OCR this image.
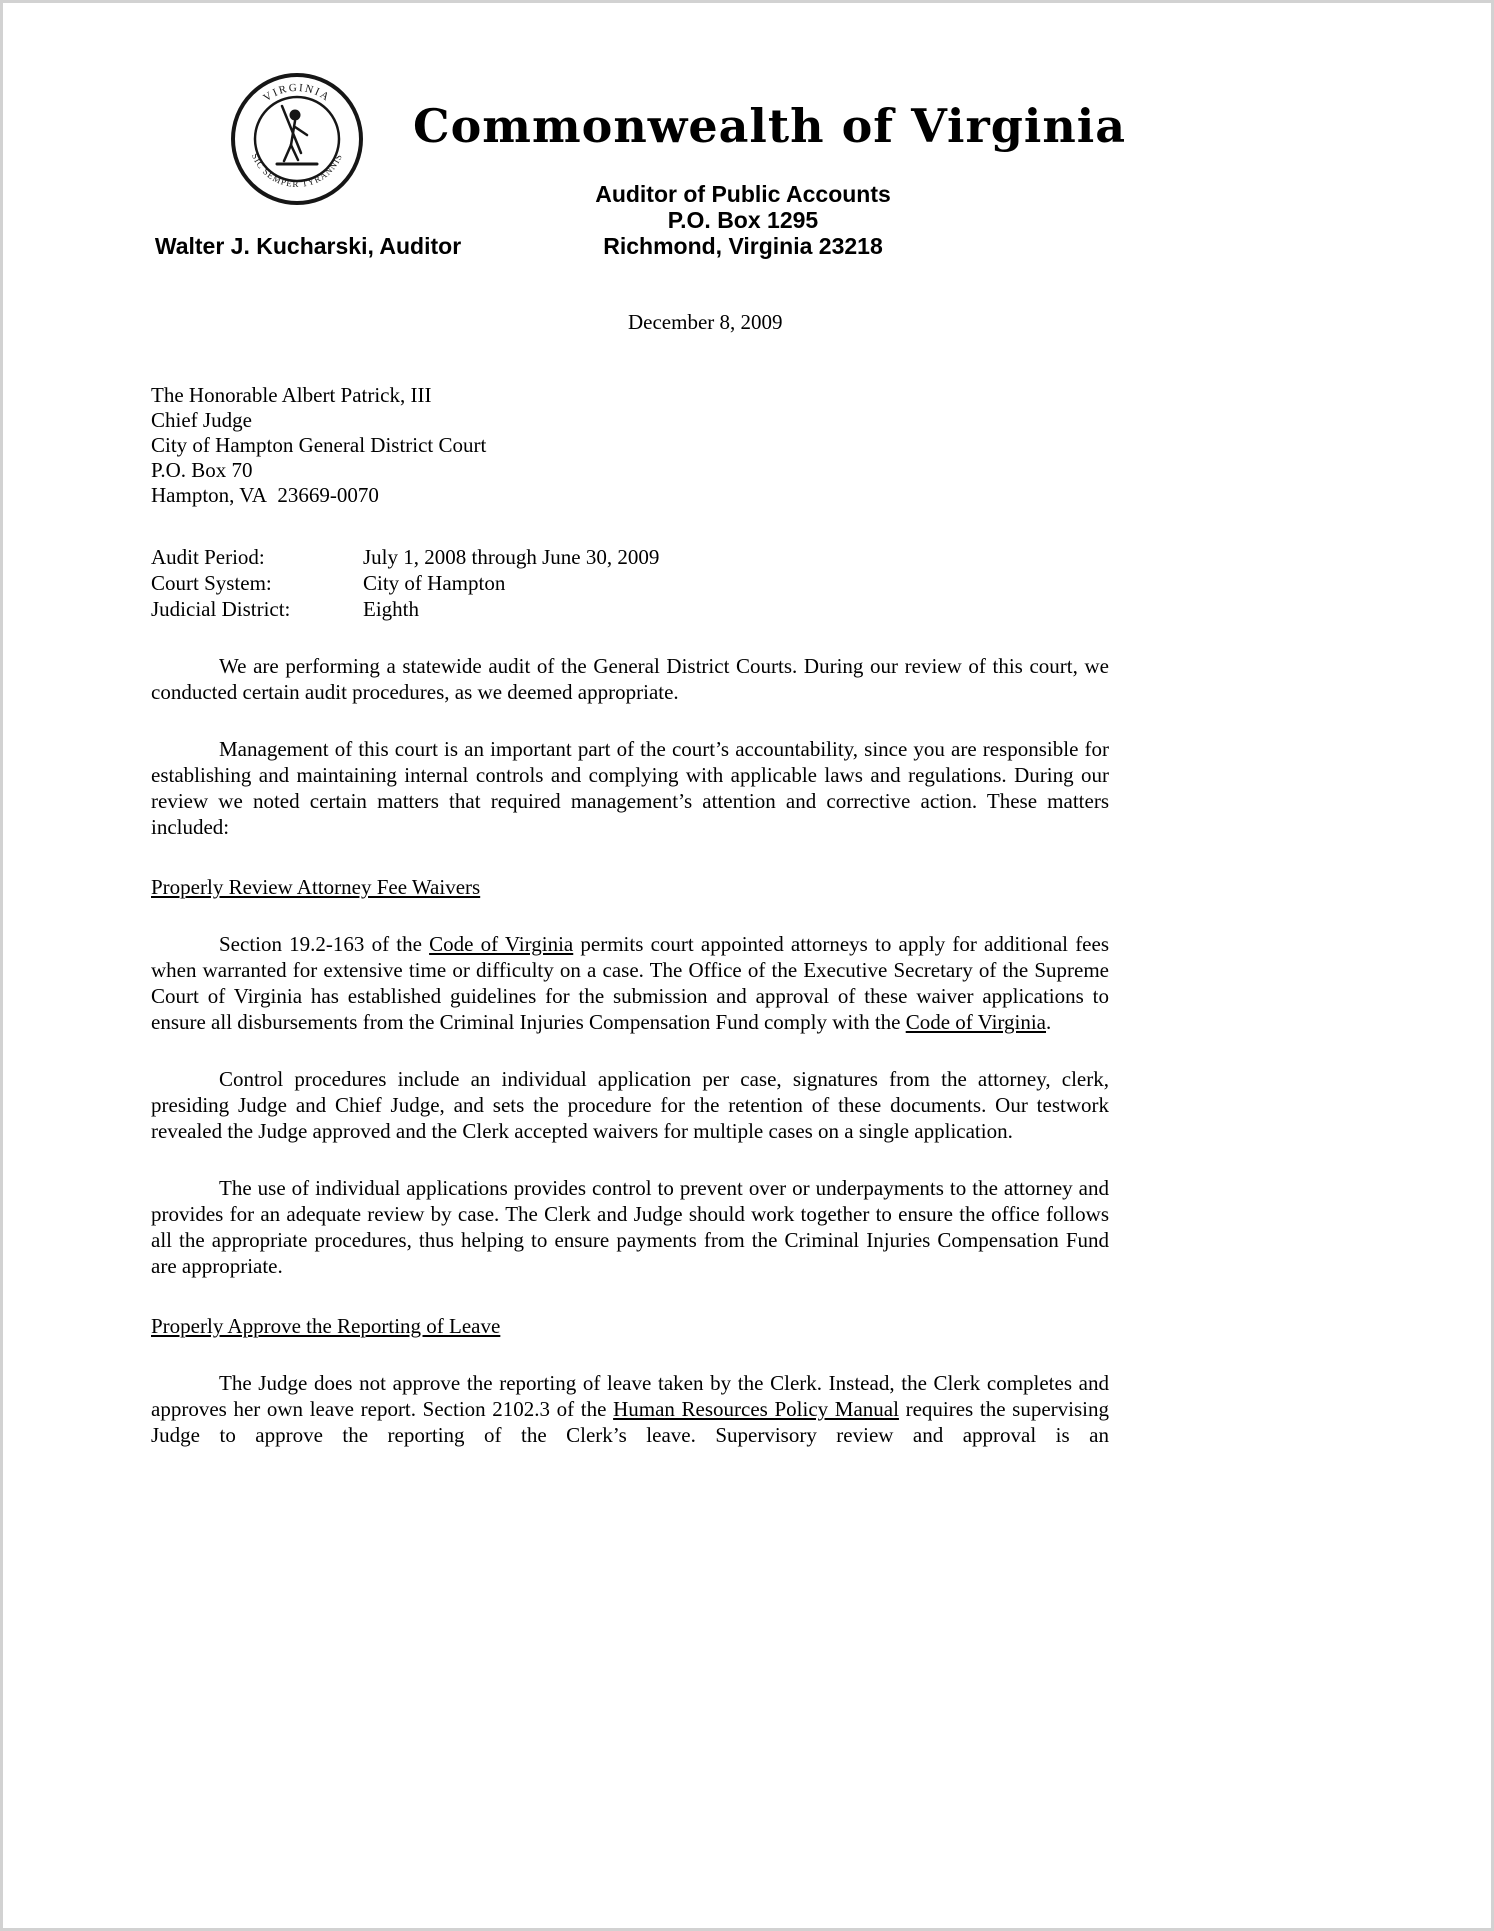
VIRGINIA
SIC SEMPER TYRANNIS
Commonwealth of Virginia
Auditor of Public Accounts
P.O. Box 1295
Richmond, Virginia 23218
Walter J. Kucharski, Auditor
December 8, 2009
The Honorable Albert Patrick, III
Chief Judge
City of Hampton General District Court
P.O. Box 70
Hampton, VA  23669-0070
Audit Period:	July 1, 2008 through June 30, 2009
Court System:	City of Hampton
Judicial District:	Eighth

We are performing a statewide audit of the General District Courts. During our review of this court, we conducted certain audit procedures, as we deemed appropriate.

Management of this court is an important part of the court’s accountability, since you are responsible for establishing and maintaining internal controls and complying with applicable laws and regulations. During our review we noted certain matters that required management’s attention and corrective action. These matters included:

Properly Review Attorney Fee Waivers

Section 19.2-163 of the Code of Virginia permits court appointed attorneys to apply for additional fees when warranted for extensive time or difficulty on a case. The Office of the Executive Secretary of the Supreme Court of Virginia has established guidelines for the submission and approval of these waiver applications to ensure all disbursements from the Criminal Injuries Compensation Fund comply with the Code of Virginia.

Control procedures include an individual application per case, signatures from the attorney, clerk, presiding Judge and Chief Judge, and sets the procedure for the retention of these documents. Our testwork revealed the Judge approved and the Clerk accepted waivers for multiple cases on a single application.

The use of individual applications provides control to prevent over or underpayments to the attorney and provides for an adequate review by case. The Clerk and Judge should work together to ensure the office follows all the appropriate procedures, thus helping to ensure payments from the Criminal Injuries Compensation Fund are appropriate.

Properly Approve the Reporting of Leave

The Judge does not approve the reporting of leave taken by the Clerk. Instead, the Clerk completes and approves her own leave report. Section 2102.3 of the Human Resources Policy Manual requires the supervising Judge to approve the reporting of the Clerk’s leave. Supervisory review and approval is an
